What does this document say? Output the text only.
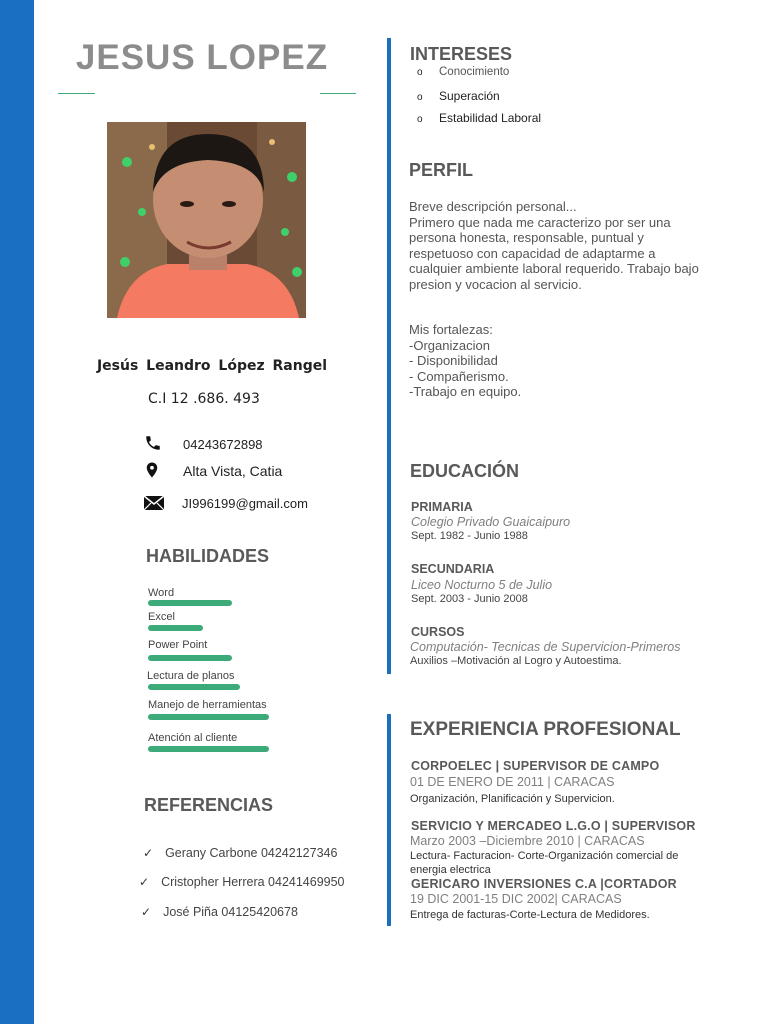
JESUS LOPEZ
Jesús Leandro López Rangel
C.I 12 .686. 493
04243672898
Alta Vista, Catia
JI996199@gmail.com
HABILIDADES
Word
Excel
Power Point
Lectura de planos
Manejo de herramientas
Atención al cliente
REFERENCIAS
✓ Gerany Carbone 04242127346
✓ Cristopher Herrera 04241469950
✓ José Piña 04125420678
INTERESES
o Conocimiento
o Superación
o Estabilidad Laboral
PERFIL
Breve descripción personal...
Primero que nada me caracterizo por ser una
persona honesta, responsable, puntual y
respetuoso con capacidad de adaptarme a
cualquier ambiente laboral requerido. Trabajo bajo
presion y vocacion al servicio.
Mis fortalezas:
-Organizacion
- Disponibilidad
- Compañerismo.
-Trabajo en equipo.
EDUCACIÓN
PRIMARIA
Colegio Privado Guaicaipuro
Sept. 1982 - Junio 1988
SECUNDARIA
Liceo Nocturno 5 de Julio
Sept. 2003 - Junio 2008
CURSOS
Computación- Tecnicas de Supervicion-Primeros
Auxilios –Motivación al Logro y Autoestima.
EXPERIENCIA PROFESIONAL
CORPOELEC | SUPERVISOR DE CAMPO
01 DE ENERO DE 2011 | CARACAS
Organización, Planificación y Supervicion.
SERVICIO Y MERCADEO L.G.O | SUPERVISOR
Marzo 2003 –Diciembre 2010 | CARACAS
Lectura- Facturacion- Corte-Organización comercial de
energia electrica
GERICARO INVERSIONES C.A |CORTADOR
19 DIC 2001-15 DIC 2002| CARACAS
Entrega de facturas-Corte-Lectura de Medidores.
